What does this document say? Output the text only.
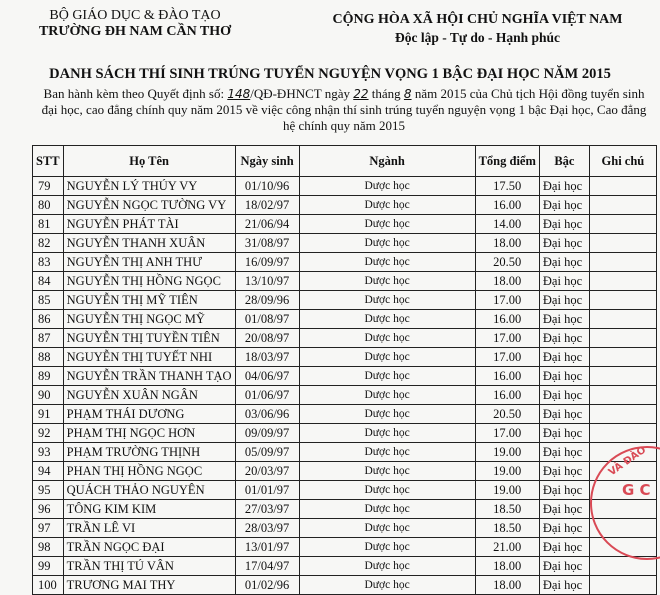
BỘ GIÁO DỤC & ĐÀO TẠO
TRƯỜNG ĐH NAM CẦN THƠ
CỘNG HÒA XÃ HỘI CHỦ NGHĨA VIỆT NAM
Độc lập - Tự do - Hạnh phúc
DANH SÁCH THÍ SINH TRÚNG TUYỂN NGUYỆN VỌNG 1 BẬC ĐẠI HỌC NĂM 2015
Ban hành kèm theo Quyết định số: 148/QĐ-ĐHNCT ngày 22 tháng 8 năm 2015 của Chủ tịch Hội đồng tuyển sinh đại học, cao đẳng chính quy năm 2015 về việc công nhận thí sinh trúng tuyển nguyện vọng 1 bậc Đại học, Cao đẳng hệ chính quy năm 2015
STT	Họ Tên	Ngày sinh	Ngành	Tổng điểm	Bậc	Ghi chú
79	NGUYỄN LÝ THÚY VY	01/10/96	Dược học	17.50	Đại học	
80	NGUYỄN NGỌC TƯỜNG VY	18/02/97	Dược học	16.00	Đại học	
81	NGUYỄN PHÁT TÀI	21/06/94	Dược học	14.00	Đại học	
82	NGUYỄN THANH XUÂN	31/08/97	Dược học	18.00	Đại học	
83	NGUYỄN THỊ ANH THƯ	16/09/97	Dược học	20.50	Đại học	
84	NGUYỄN THỊ HỒNG NGỌC	13/10/97	Dược học	18.00	Đại học	
85	NGUYỄN THỊ MỸ TIÊN	28/09/96	Dược học	17.00	Đại học	
86	NGUYỄN THỊ NGỌC MỸ	01/08/97	Dược học	16.00	Đại học	
87	NGUYỄN THỊ TUYỀN TIÊN	20/08/97	Dược học	17.00	Đại học	
88	NGUYỄN THỊ TUYẾT NHI	18/03/97	Dược học	17.00	Đại học	
89	NGUYỄN TRẦN THANH TẠO	04/06/97	Dược học	16.00	Đại học	
90	NGUYỄN XUÂN NGÂN	01/06/97	Dược học	16.00	Đại học	
91	PHẠM THÁI DƯƠNG	03/06/96	Dược học	20.50	Đại học	
92	PHẠM THỊ NGỌC HƠN	09/09/97	Dược học	17.00	Đại học	
93	PHẠM TRƯỜNG THỊNH	05/09/97	Dược học	19.00	Đại học	
94	PHAN THỊ HỒNG NGỌC	20/03/97	Dược học	19.00	Đại học	
95	QUÁCH THẢO NGUYÊN	01/01/97	Dược học	19.00	Đại học	
96	TÔNG KIM KIM	27/03/97	Dược học	18.50	Đại học	
97	TRẦN LÊ VI	28/03/97	Dược học	18.50	Đại học	
98	TRẦN NGỌC ĐẠI	13/01/97	Dược học	21.00	Đại học	
99	TRẦN THỊ TÚ VÂN	17/04/97	Dược học	18.00	Đại học	
100	TRƯƠNG MAI THY	01/02/96	Dược học	18.00	Đại học	
VÀ ĐÀO
G C
